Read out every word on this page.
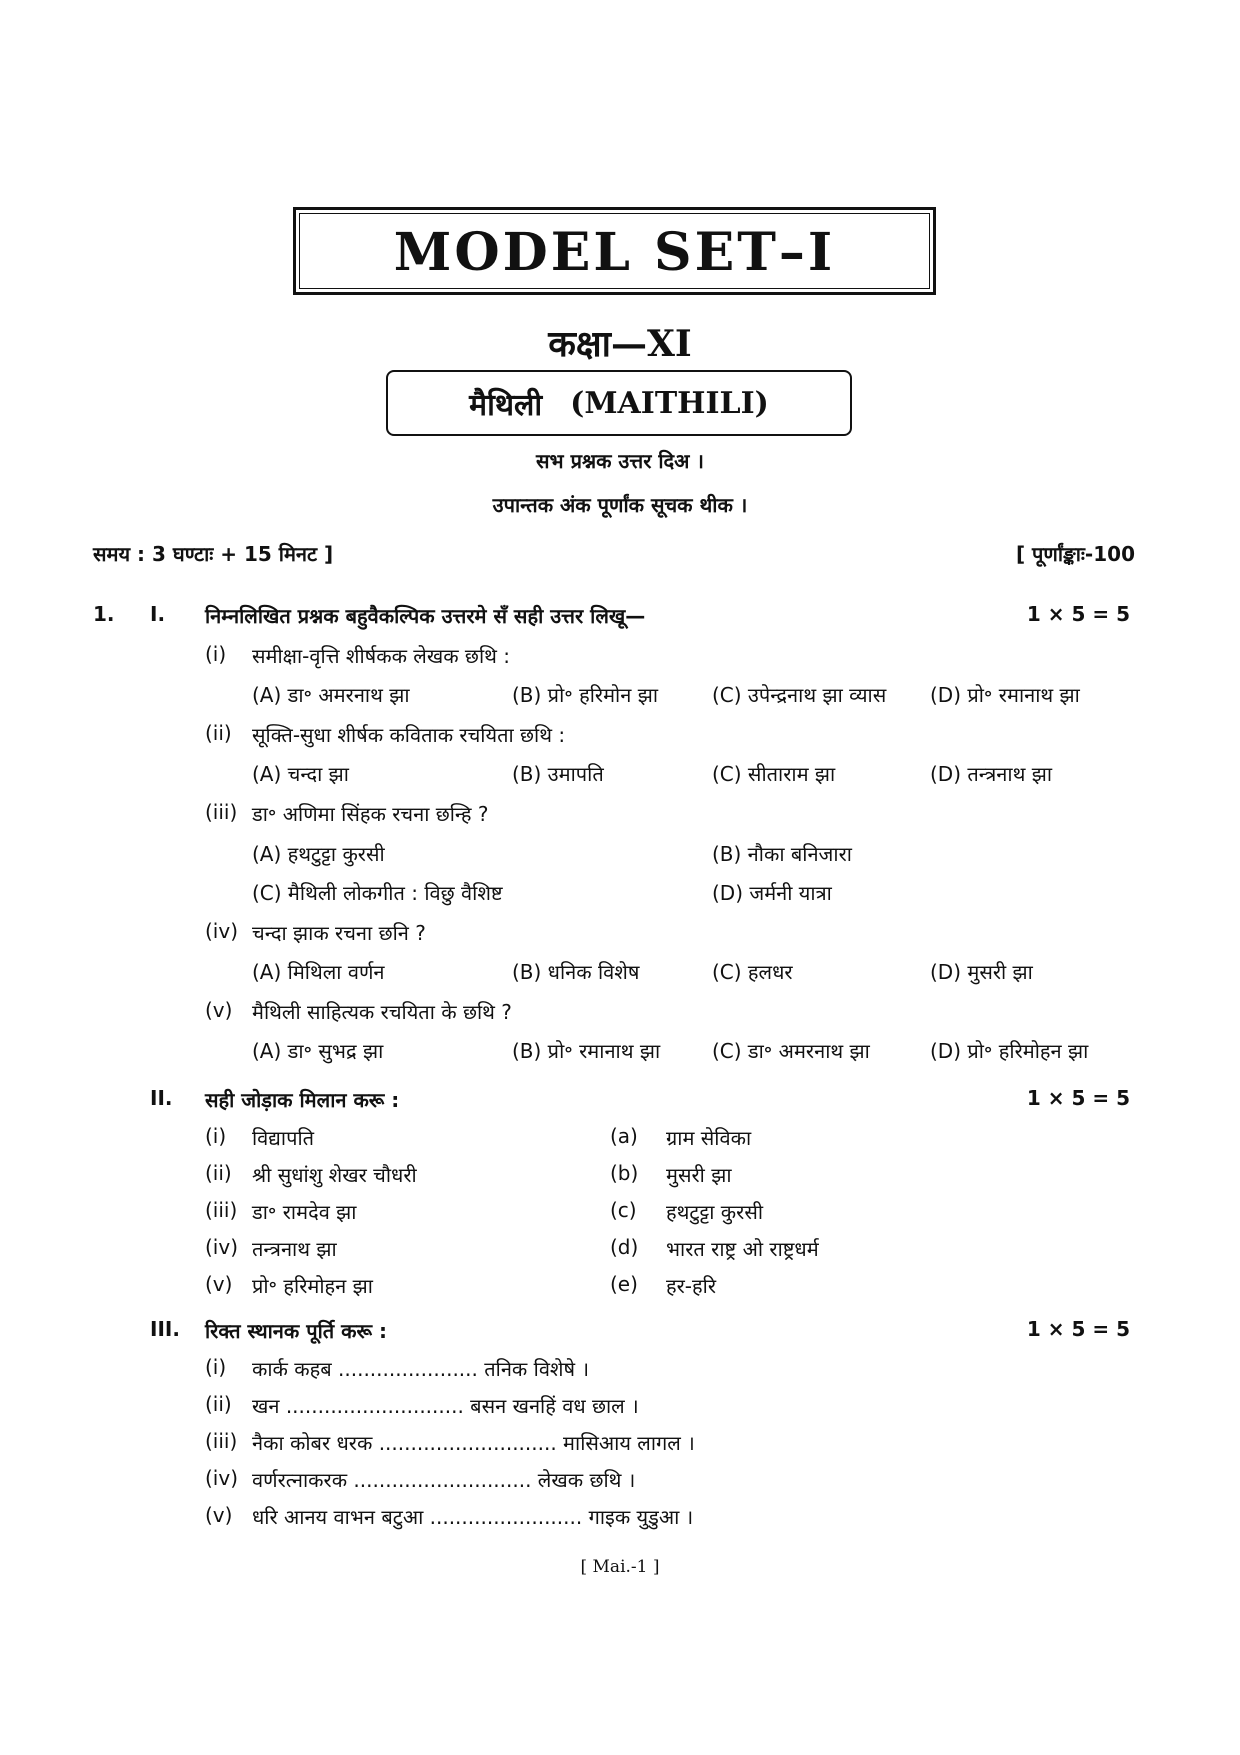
MODEL SET–I
कक्षा—XI
मैथिली (MAITHILI)
सभ प्रश्नक उत्तर दिअ ।
उपान्तक अंक पूर्णांक सूचक थीक ।
समय : 3 घण्टाः + 15 मिनट ]	[ पूर्णांङ्काः-100
1. I. निम्नलिखित प्रश्नक बहुवैकल्पिक उत्तरमे सँ सही उत्तर लिखू—	1 × 5 = 5
(i) समीक्षा-वृत्ति शीर्षकक लेखक छथि :
(A) डा॰ अमरनाथ झा	(B) प्रो॰ हरिमोन झा	(C) उपेन्द्रनाथ झा व्यास (D) प्रो॰ रमानाथ झा
(ii) सूक्ति-सुधा शीर्षक कविताक रचयिता छथि :
(A) चन्दा झा	(B) उमापति	(C) सीताराम झा	(D) तन्त्रनाथ झा
(iii) डा॰ अणिमा सिंहक रचना छन्हि ?
(A) हथटुट्टा कुरसी	(B) नौका बनिजारा
(C) मैथिली लोकगीत : विछु वैशिष्ट	(D) जर्मनी यात्रा
(iv) चन्दा झाक रचना छनि ?
(A) मिथिला वर्णन	(B) धनिक विशेष	(C) हलधर	(D) मुसरी झा
(v) मैथिली साहित्यक रचयिता के छथि ?
(A) डा॰ सुभद्र झा	(B) प्रो॰ रमानाथ झा	(C) डा॰ अमरनाथ झा	(D) प्रो॰ हरिमोहन झा
II. सही जोड़ाक मिलान करू :	1 × 5 = 5
(i) विद्यापति	(a) ग्राम सेविका
(ii) श्री सुधांशु शेखर चौधरी	(b) मुसरी झा
(iii) डा॰ रामदेव झा	(c) हथटुट्टा कुरसी
(iv) तन्त्रनाथ झा	(d) भारत राष्ट्र ओ राष्ट्रधर्म
(v) प्रो॰ हरिमोहन झा	(e) हर-हरि
III. रिक्त स्थानक पूर्ति करू :	1 × 5 = 5
(i) कार्क कहब ...................... तनिक विशेषे ।
(ii) खन ............................ बसन खनहिं वध छाल ।
(iii) नैका कोबर धरक ............................ मासिआय लागल ।
(iv) वर्णरत्नाकरक ............................ लेखक छथि ।
(v) धरि आनय वाभन बटुआ ........................ गाइक युडुआ ।
[ Mai.-1 ]
